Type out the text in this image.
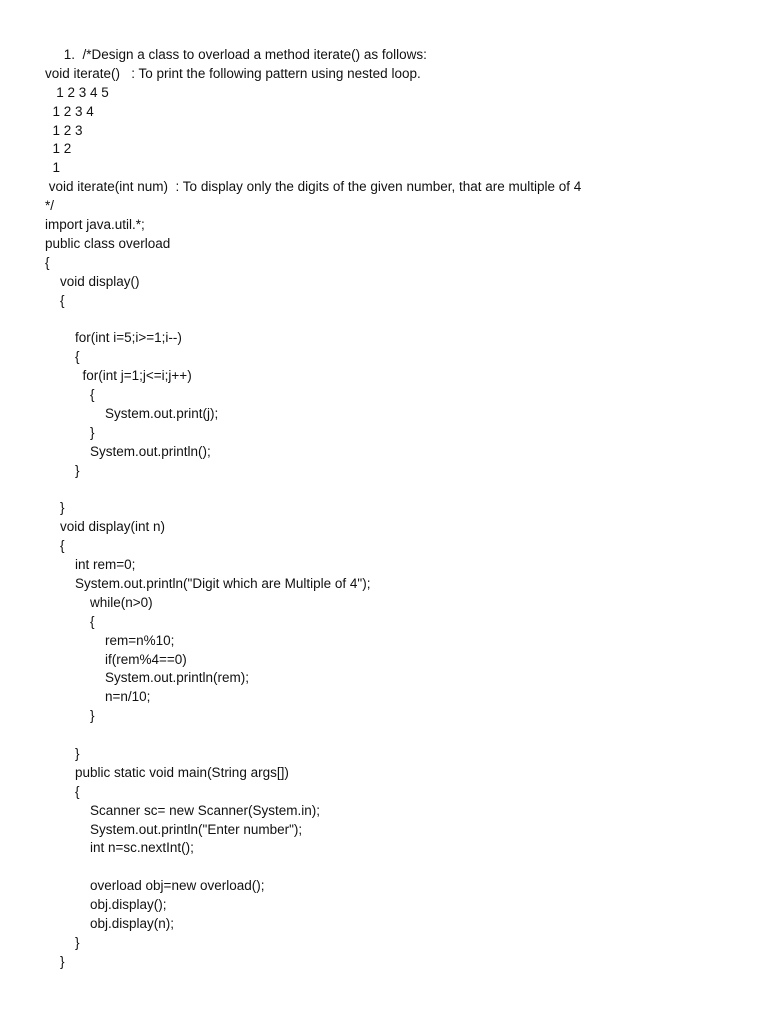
1.  /*Design a class to overload a method iterate() as follows:
void iterate()   : To print the following pattern using nested loop.
1 2 3 4 5
1 2 3 4
1 2 3
1 2
1
void iterate(int num)  : To display only the digits of the given number, that are multiple of 4
*/
import java.util.*;
public class overload
{
void display()
{
for(int i=5;i>=1;i--)
{
for(int j=1;j<=i;j++)
{
System.out.print(j);
}
System.out.println();
}
}
void display(int n)
{
int rem=0;
System.out.println("Digit which are Multiple of 4");
while(n>0)
{
rem=n%10;
if(rem%4==0)
System.out.println(rem);
n=n/10;
}
}
public static void main(String args[])
{
Scanner sc= new Scanner(System.in);
System.out.println("Enter number");
int n=sc.nextInt();
overload obj=new overload();
obj.display();
obj.display(n);
}
}
